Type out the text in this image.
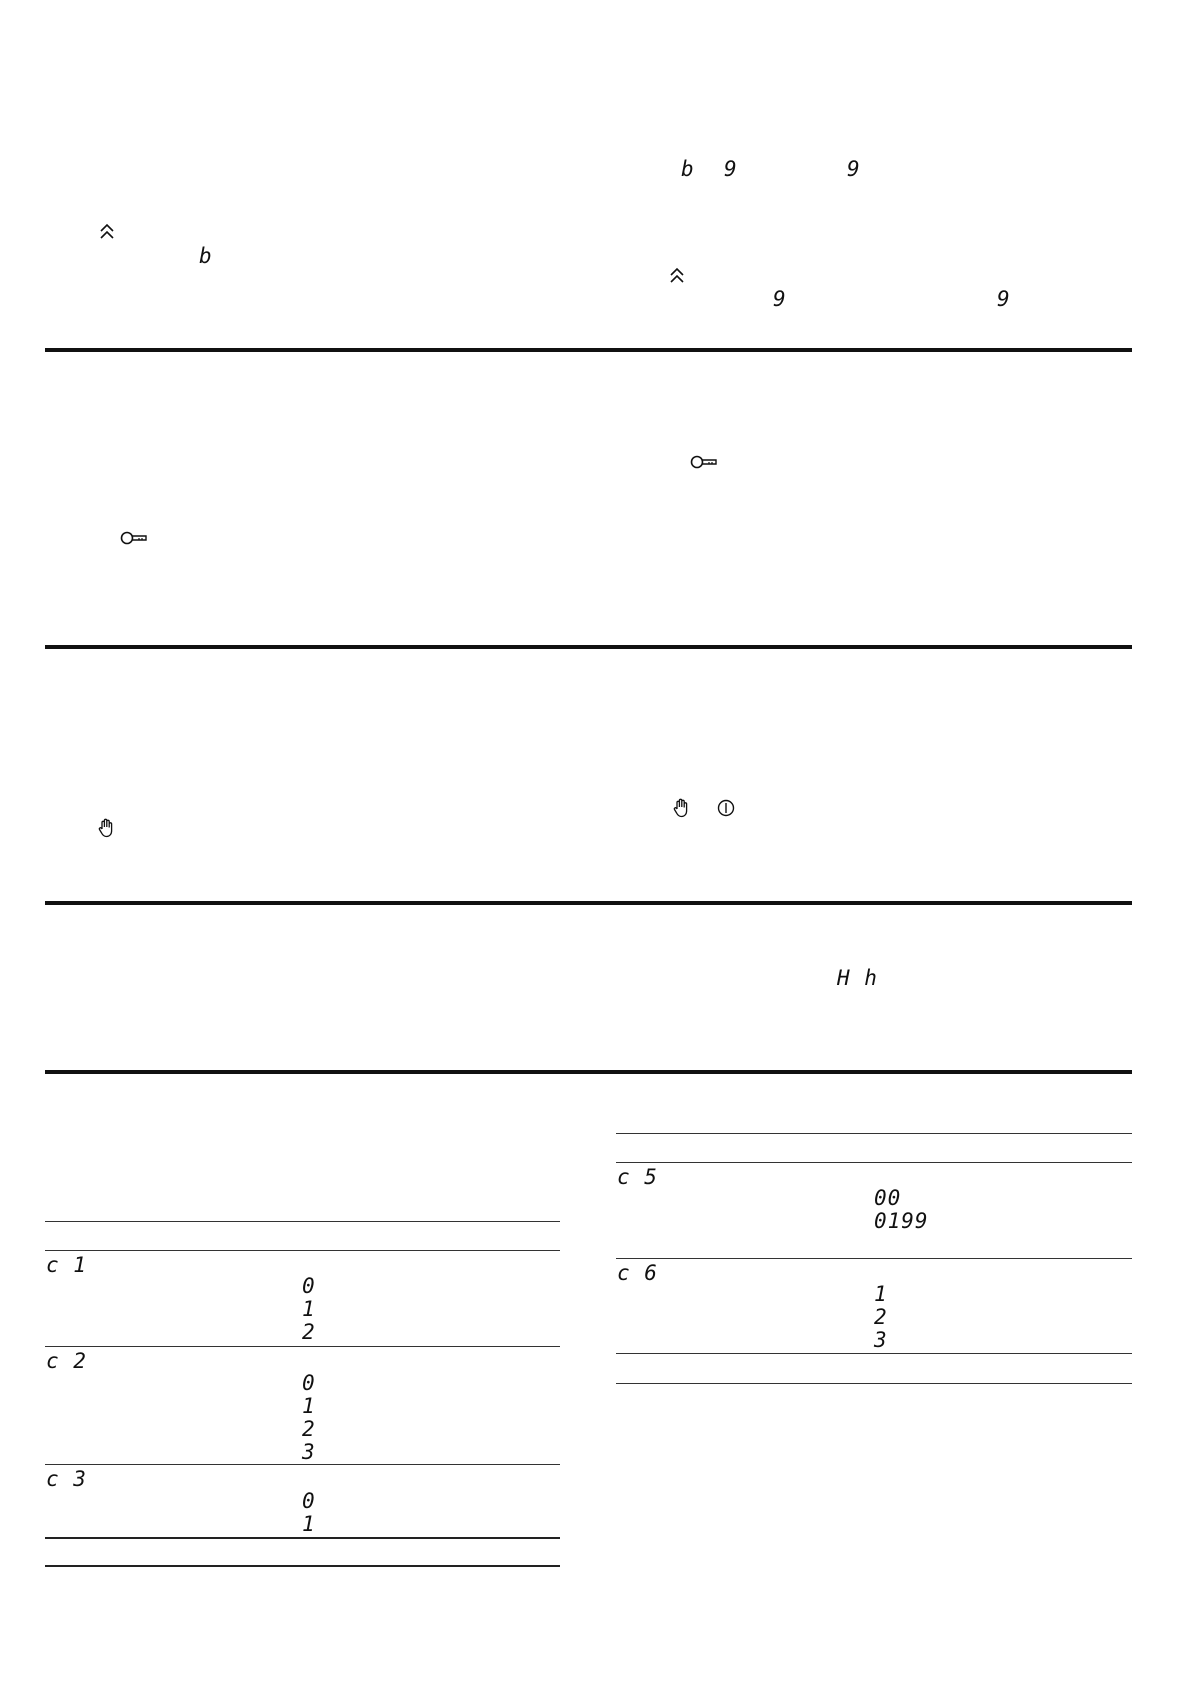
b
b 9	9
9	9
H h
c 1
0
1
2
c 2
0
1
2
3
c 3
0
1
c 5
00
0199
c 6
1
2
3
